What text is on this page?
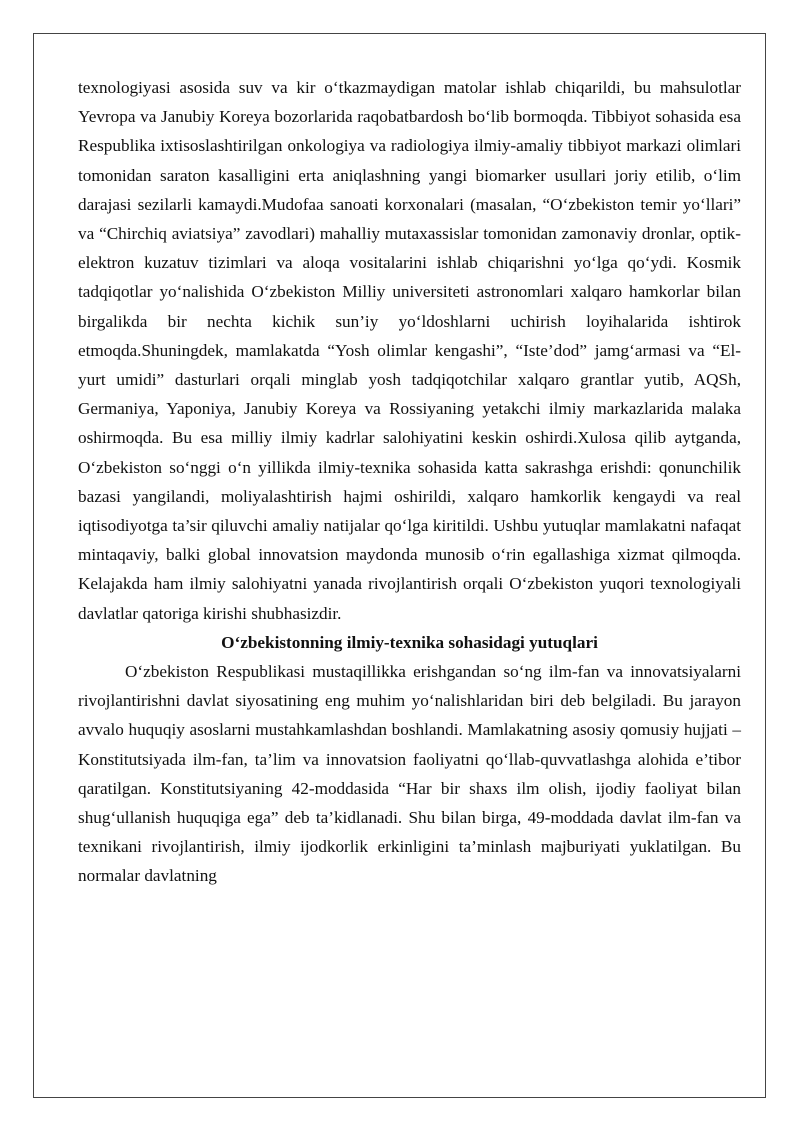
texnologiyasi asosida suv va kir o‘tkazmaydigan matolar ishlab chiqarildi, bu mahsulotlar Yevropa va Janubiy Koreya bozorlarida raqobatbardosh bo‘lib bormoqda. Tibbiyot sohasida esa Respublika ixtisoslashtirilgan onkologiya va radiologiya ilmiy-amaliy tibbiyot markazi olimlari tomonidan saraton kasalligini erta aniqlashning yangi biomarker usullari joriy etilib, o‘lim darajasi sezilarli kamaydi.Mudofaa sanoati korxonalari (masalan, “O‘zbekiston temir yo‘llari” va “Chirchiq aviatsiya” zavodlari) mahalliy mutaxassislar tomonidan zamonaviy dronlar, optik-elektron kuzatuv tizimlari va aloqa vositalarini ishlab chiqarishni yo‘lga qo‘ydi. Kosmik tadqiqotlar yo‘nalishida O‘zbekiston Milliy universiteti astronomlari xalqaro hamkorlar bilan birgalikda bir nechta kichik sun’iy yo‘ldoshlarni uchirish loyihalarida ishtirok etmoqda.Shuningdek, mamlakatda “Yosh olimlar kengashi”, “Iste’dod” jamg‘armasi va “El-yurt umidi” dasturlari orqali minglab yosh tadqiqotchilar xalqaro grantlar yutib, AQSh, Germaniya, Yaponiya, Janubiy Koreya va Rossiyaning yetakchi ilmiy markazlarida malaka oshirmoqda. Bu esa milliy ilmiy kadrlar salohiyatini keskin oshirdi.Xulosa qilib aytganda, O‘zbekiston so‘nggi o‘n yillikda ilmiy-texnika sohasida katta sakrashga erishdi: qonunchilik bazasi yangilandi, moliyalashtirish hajmi oshirildi, xalqaro hamkorlik kengaydi va real iqtisodiyotga ta’sir qiluvchi amaliy natijalar qo‘lga kiritildi. Ushbu yutuqlar mamlakatni nafaqat mintaqaviy, balki global innovatsion maydonda munosib o‘rin egallashiga xizmat qilmoqda. Kelajakda ham ilmiy salohiyatni yanada rivojlantirish orqali O‘zbekiston yuqori texnologiyali davlatlar qatoriga kirishi shubhasizdir.

O‘zbekistonning ilmiy-texnika sohasidagi yutuqlari

O‘zbekiston Respublikasi mustaqillikka erishgandan so‘ng ilm-fan va innovatsiyalarni rivojlantirishni davlat siyosatining eng muhim yo‘nalishlaridan biri deb belgiladi. Bu jarayon avvalo huquqiy asoslarni mustahkamlashdan boshlandi. Mamlakatning asosiy qomusiy hujjati – Konstitutsiyada ilm-fan, ta’lim va innovatsion faoliyatni qo‘llab-quvvatlashga alohida e’tibor qaratilgan. Konstitutsiyaning 42-moddasida “Har bir shaxs ilm olish, ijodiy faoliyat bilan shug‘ullanish huquqiga ega” deb ta’kidlanadi. Shu bilan birga, 49-moddada davlat ilm-fan va texnikani rivojlantirish, ilmiy ijodkorlik erkinligini ta’minlash majburiyati yuklatilgan. Bu normalar davlatning
